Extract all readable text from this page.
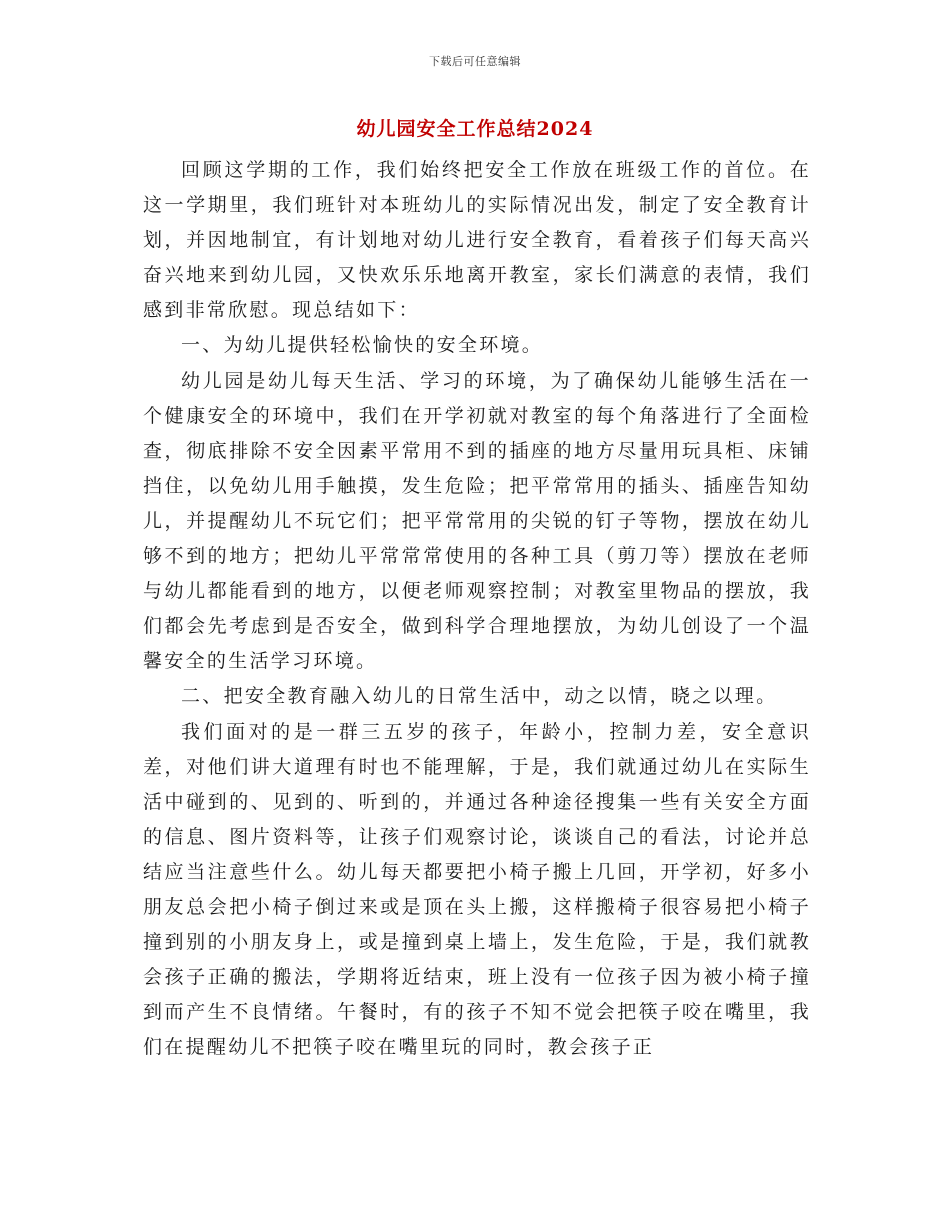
下载后可任意编辑
幼儿园安全工作总结2024

回顾这学期的工作，我们始终把安全工作放在班级工作的首位。在这一学期里，我们班针对本班幼儿的实际情况出发，制定了安全教育计划，并因地制宜，有计划地对幼儿进行安全教育，看着孩子们每天高兴奋兴地来到幼儿园，又快欢乐乐地离开教室，家长们满意的表情，我们感到非常欣慰。现总结如下：

一、为幼儿提供轻松愉快的安全环境。

幼儿园是幼儿每天生活、学习的环境，为了确保幼儿能够生活在一个健康安全的环境中，我们在开学初就对教室的每个角落进行了全面检查，彻底排除不安全因素平常用不到的插座的地方尽量用玩具柜、床铺挡住，以免幼儿用手触摸，发生危险；把平常常用的插头、插座告知幼儿，并提醒幼儿不玩它们；把平常常用的尖锐的钉子等物，摆放在幼儿够不到的地方；把幼儿平常常常使用的各种工具（剪刀等）摆放在老师与幼儿都能看到的地方，以便老师观察控制；对教室里物品的摆放，我们都会先考虑到是否安全，做到科学合理地摆放，为幼儿创设了一个温馨安全的生活学习环境。

二、把安全教育融入幼儿的日常生活中，动之以情，晓之以理。

我们面对的是一群三五岁的孩子，年龄小，控制力差，安全意识差，对他们讲大道理有时也不能理解，于是，我们就通过幼儿在实际生活中碰到的、见到的、听到的，并通过各种途径搜集一些有关安全方面的信息、图片资料等，让孩子们观察讨论，谈谈自己的看法，讨论并总结应当注意些什么。幼儿每天都要把小椅子搬上几回，开学初，好多小朋友总会把小椅子倒过来或是顶在头上搬，这样搬椅子很容易把小椅子撞到别的小朋友身上，或是撞到桌上墙上，发生危险，于是，我们就教会孩子正确的搬法，学期将近结束，班上没有一位孩子因为被小椅子撞到而产生不良情绪。午餐时，有的孩子不知不觉会把筷子咬在嘴里，我们在提醒幼儿不把筷子咬在嘴里玩的同时，教会孩子正
